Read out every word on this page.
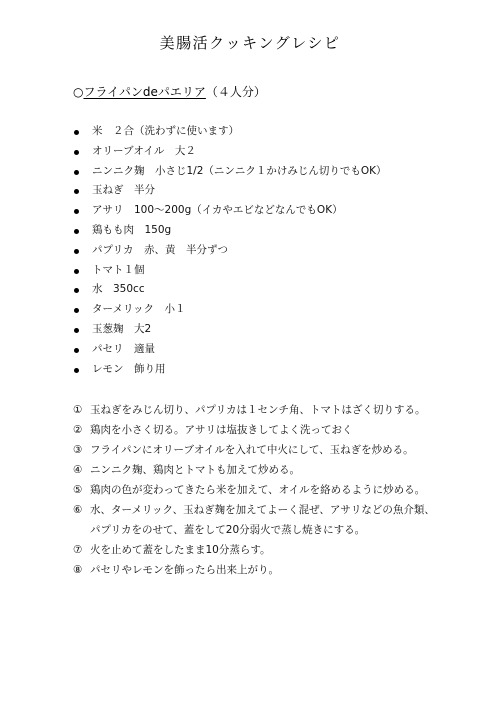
美腸活クッキングレシピ
○フライパンdeパエリア（４人分）
米　２合（洗わずに使います）
オリーブオイル　大２
ニンニク麹　小さじ1/2（ニンニク１かけみじん切りでもOK）
玉ねぎ　半分
アサリ　100〜200g（イカやエビなどなんでもOK）
鶏もも肉　150g
パプリカ　赤、黄　半分ずつ
トマト１個
水　350cc
ターメリック　小１
玉葱麹　大2
パセリ　適量
レモン　飾り用
① 玉ねぎをみじん切り、パプリカは１センチ角、トマトはざく切りする。
② 鶏肉を小さく切る。アサリは塩抜きしてよく洗っておく
③ フライパンにオリーブオイルを入れて中火にして、玉ねぎを炒める。
④ ニンニク麹、鶏肉とトマトも加えて炒める。
⑤ 鶏肉の色が変わってきたら米を加えて、オイルを絡めるように炒める。
⑥ 水、ターメリック、玉ねぎ麹を加えてよーく混ぜ、アサリなどの魚介類、
パプリカをのせて、蓋をして20分弱火で蒸し焼きにする。
⑦ 火を止めて蓋をしたまま10分蒸らす。
⑧ パセリやレモンを飾ったら出来上がり。
